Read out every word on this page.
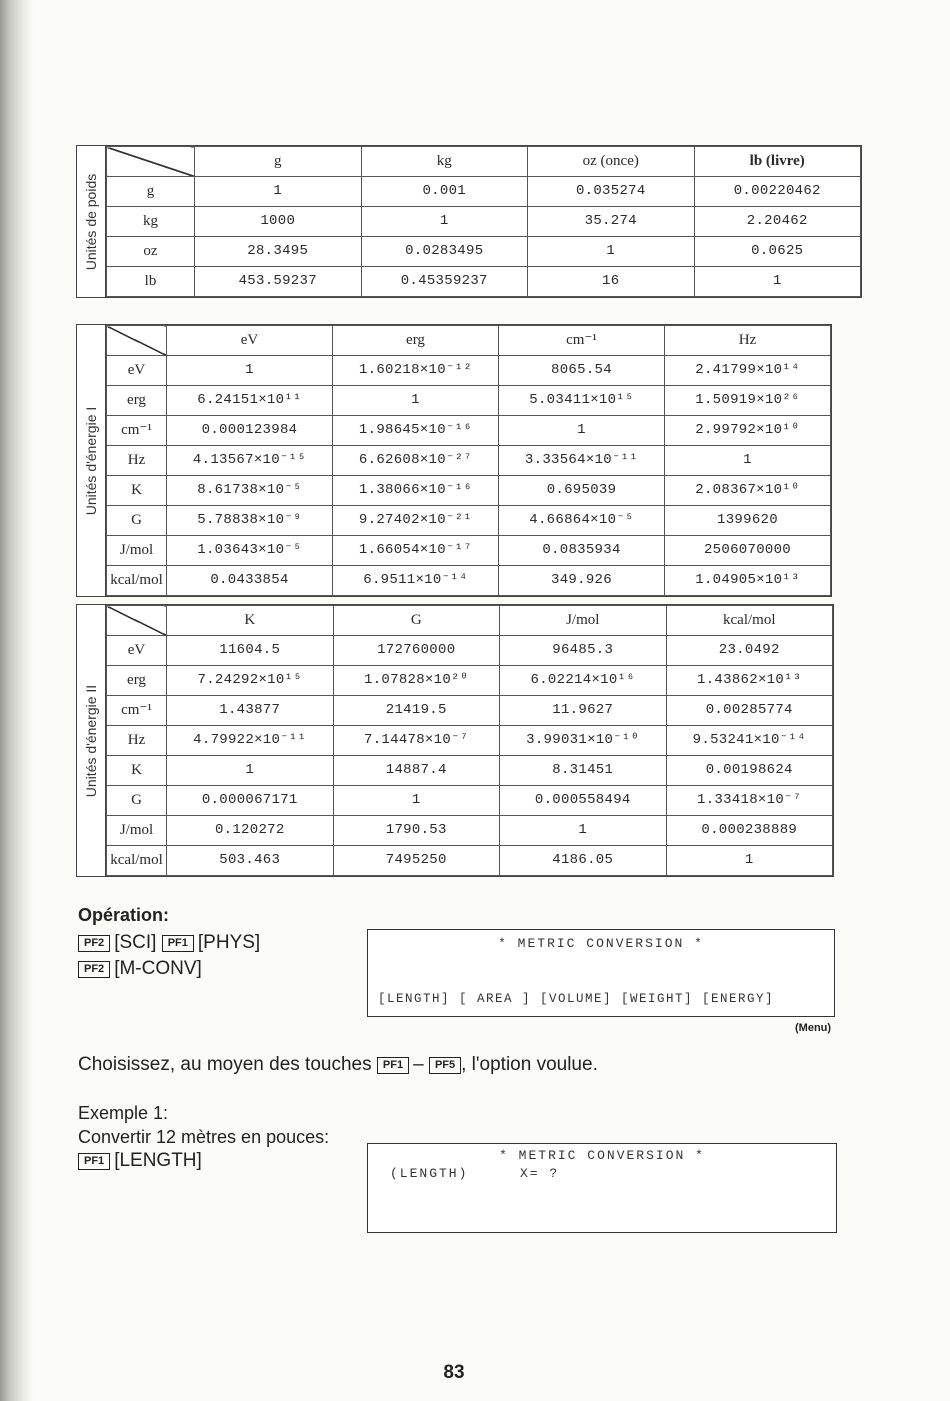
Unités de poids
	g	kg	oz (once)	lb (livre)
g	1	0.001	0.035274	0.00220462
kg	1000	1	35.274	2.20462
oz	28.3495	0.0283495	1	0.0625
lb	453.59237	0.45359237	16	1
Unités d'énergie I
	eV	erg	cm⁻¹	Hz
eV	1	1.60218×10⁻¹²	8065.54	2.41799×10¹⁴
erg	6.24151×10¹¹	1	5.03411×10¹⁵	1.50919×10²⁶
cm⁻¹	0.000123984	1.98645×10⁻¹⁶	1	2.99792×10¹⁰
Hz	4.13567×10⁻¹⁵	6.62608×10⁻²⁷	3.33564×10⁻¹¹	1
K	8.61738×10⁻⁵	1.38066×10⁻¹⁶	0.695039	2.08367×10¹⁰
G	5.78838×10⁻⁹	9.27402×10⁻²¹	4.66864×10⁻⁵	1399620
J/mol	1.03643×10⁻⁵	1.66054×10⁻¹⁷	0.0835934	2506070000
kcal/mol	0.0433854	6.9511×10⁻¹⁴	349.926	1.04905×10¹³
Unités d'énergie II
	K	G	J/mol	kcal/mol
eV	11604.5	172760000	96485.3	23.0492
erg	7.24292×10¹⁵	1.07828×10²⁰	6.02214×10¹⁶	1.43862×10¹³
cm⁻¹	1.43877	21419.5	11.9627	0.00285774
Hz	4.79922×10⁻¹¹	7.14478×10⁻⁷	3.99031×10⁻¹⁰	9.53241×10⁻¹⁴
K	1	14887.4	8.31451	0.00198624
G	0.000067171	1	0.000558494	1.33418×10⁻⁷
J/mol	0.120272	1790.53	1	0.000238889
kcal/mol	503.463	7495250	4186.05	1
Opération:
PF2 [SCI] PF1 [PHYS]
PF2 [M-CONV]
* METRIC CONVERSION *
[LENGTH] [ AREA ] [VOLUME] [WEIGHT] [ENERGY]
(Menu)
Choisissez, au moyen des touches PF1 – PF5 , l'option voulue.
Exemple 1:
Convertir 12 mètres en pouces:
PF1 [LENGTH]	* METRIC CONVERSION *
(LENGTH)	X= ?
83
